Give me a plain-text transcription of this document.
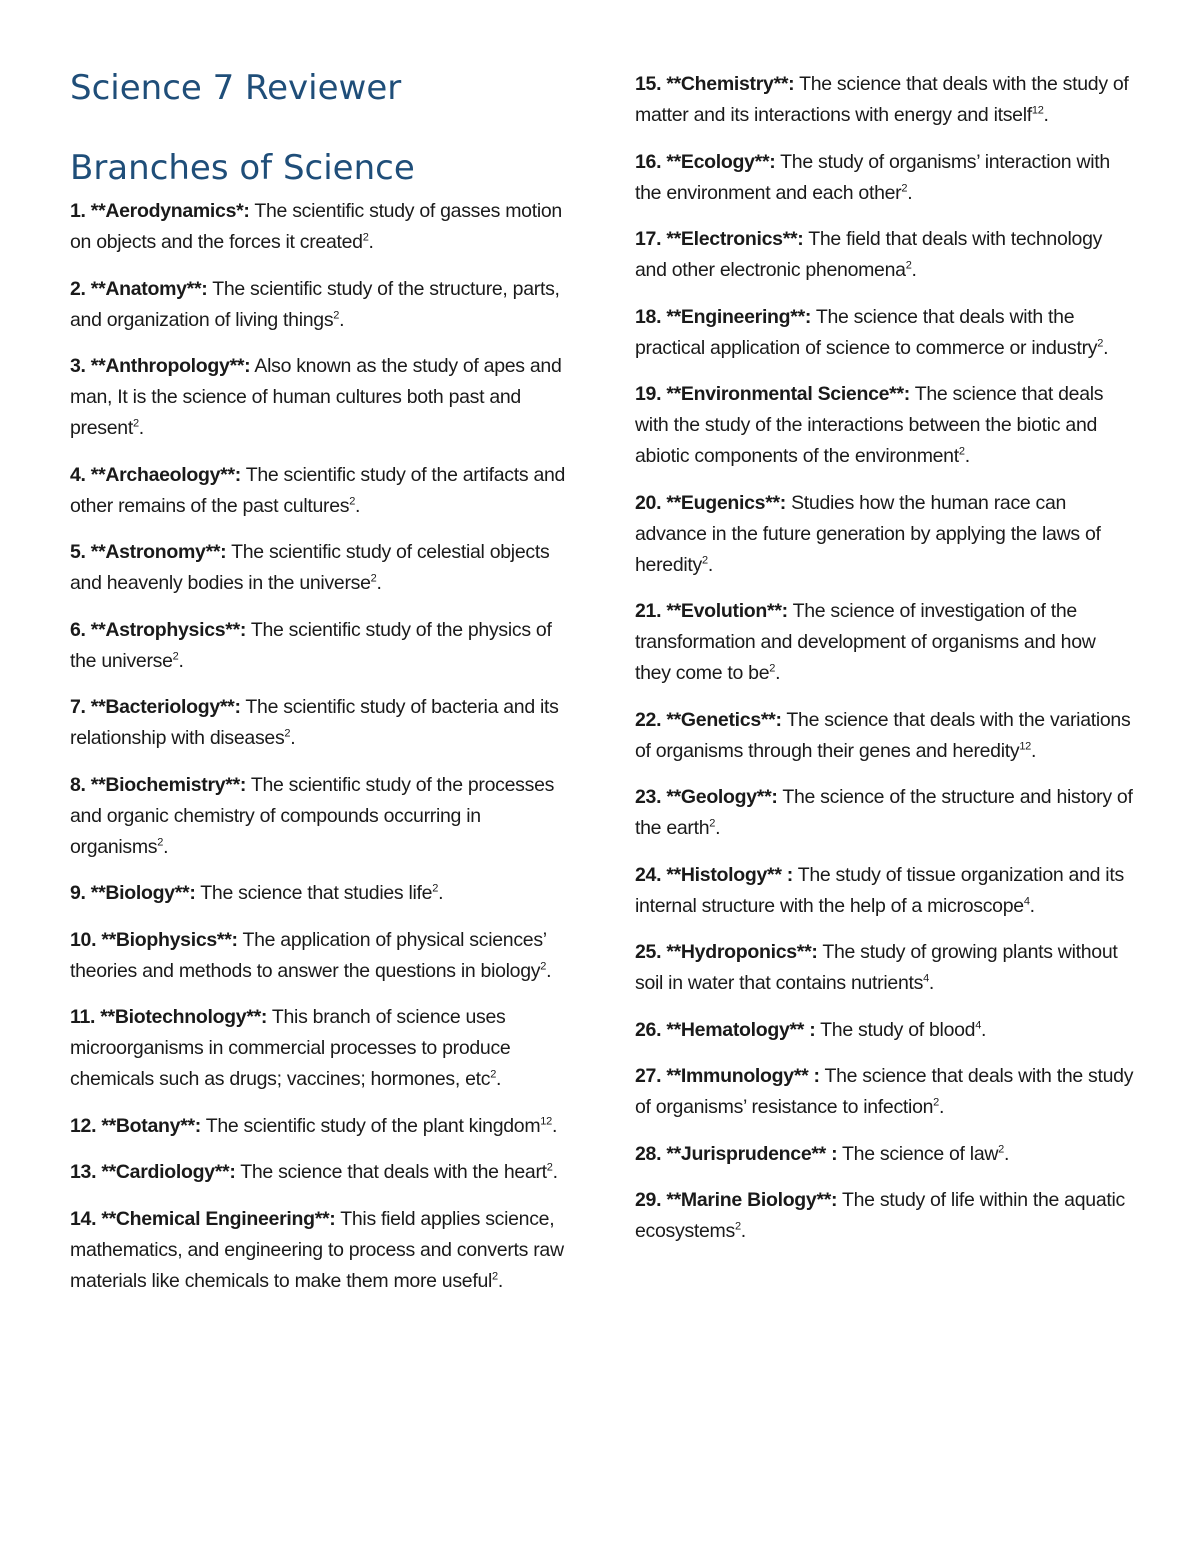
Science 7 Reviewer
Branches of Science

1. **Aerodynamics*: The scientific study of gasses motion on objects and the forces it created$^2$.

2. **Anatomy**: The scientific study of the structure, parts, and organization of living things$^2$.

3. **Anthropology**: Also known as the study of apes and man, It is the science of human cultures both past and present$^2$.

4. **Archaeology**: The scientific study of the artifacts and other remains of the past cultures$^2$.

5. **Astronomy**: The scientific study of celestial objects and heavenly bodies in the universe$^2$.

6. **Astrophysics**: The scientific study of the physics of the universe$^2$.

7. **Bacteriology**: The scientific study of bacteria and its relationship with diseases$^2$.

8. **Biochemistry**: The scientific study of the processes and organic chemistry of compounds occurring in organisms$^2$.

9. **Biology**: The science that studies life$^2$.

10. **Biophysics**: The application of physical sciences’ theories and methods to answer the questions in biology$^2$.

11. **Biotechnology**: This branch of science uses microorganisms in commercial processes to produce chemicals such as drugs; vaccines; hormones, etc$^2$.

12. **Botany**: The scientific study of the plant kingdom$^{12}$.

13. **Cardiology**: The science that deals with the heart$^2$.

14. **Chemical Engineering**: This field applies science, mathematics, and engineering to process and converts raw materials like chemicals to make them more useful$^2$.

15. **Chemistry**: The science that deals with the study of matter and its interactions with energy and itself$^{12}$.

16. **Ecology**: The study of organisms’ interaction with the environment and each other$^2$.

17. **Electronics**: The field that deals with technology and other electronic phenomena$^2$.

18. **Engineering**: The science that deals with the practical application of science to commerce or industry$^2$.

19. **Environmental Science**: The science that deals with the study of the interactions between the biotic and abiotic components of the environment$^2$.

20. **Eugenics**: Studies how the human race can advance in the future generation by applying the laws of heredity$^2$.

21. **Evolution**: The science of investigation of the transformation and development of organisms and how they come to $be^2$.

22. **Genetics**: The science that deals with the variations of organisms through their genes and heredity$^{12}$.

23. **Geology**: The science of the structure and history of the earth$^2$.

24. **Histology** : The study of tissue organization and its internal structure with the help of a microscope$^4$.

25. **Hydroponics**: The study of growing plants without soil in water that contains nutrients$^4$.

26. **Hematology** : The study of blood$^4$.

27. **Immunology** : The science that deals with the study of organisms’ resistance to infection$^2$.

28. **Jurisprudence** : The science of law$^2$.

29. **Marine Biology**: The study of life within the aquatic ecosystems$^2$.
